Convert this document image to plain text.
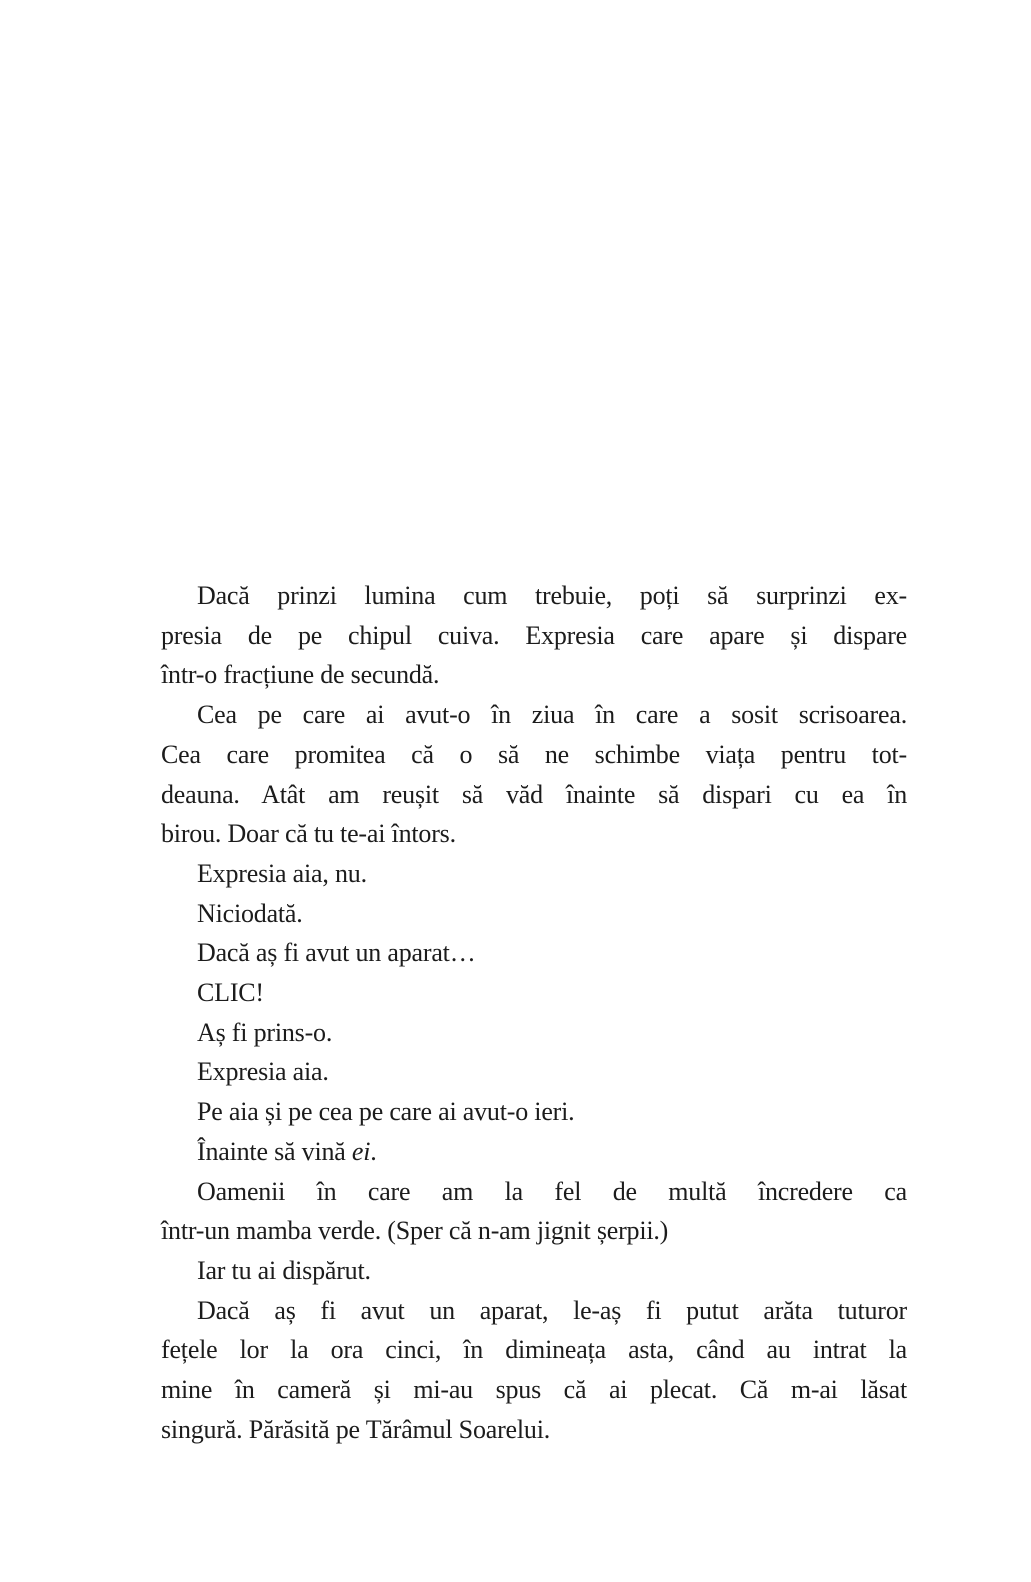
Dacă prinzi lumina cum trebuie, poți să surprinzi ex-
presia de pe chipul cuiva. Expresia care apare și dispare
într-o fracțiune de secundă.
Cea pe care ai avut-o în ziua în care a sosit scrisoarea.
Cea care promitea că o să ne schimbe viața pentru tot-
deauna. Atât am reușit să văd înainte să dispari cu ea în
birou. Doar că tu te-ai întors.
Expresia aia, nu.
Niciodată.
Dacă aș fi avut un aparat…
CLIC!
Aș fi prins-o.
Expresia aia.
Pe aia și pe cea pe care ai avut-o ieri.
Înainte să vină ei.
Oamenii în care am la fel de multă încredere ca
într-un mamba verde. (Sper că n-am jignit șerpii.)
Iar tu ai dispărut.
Dacă aș fi avut un aparat, le-aș fi putut arăta tuturor
fețele lor la ora cinci, în dimineața asta, când au intrat la
mine în cameră și mi-au spus că ai plecat. Că m-ai lăsat
singură. Părăsită pe Tărâmul Soarelui.
